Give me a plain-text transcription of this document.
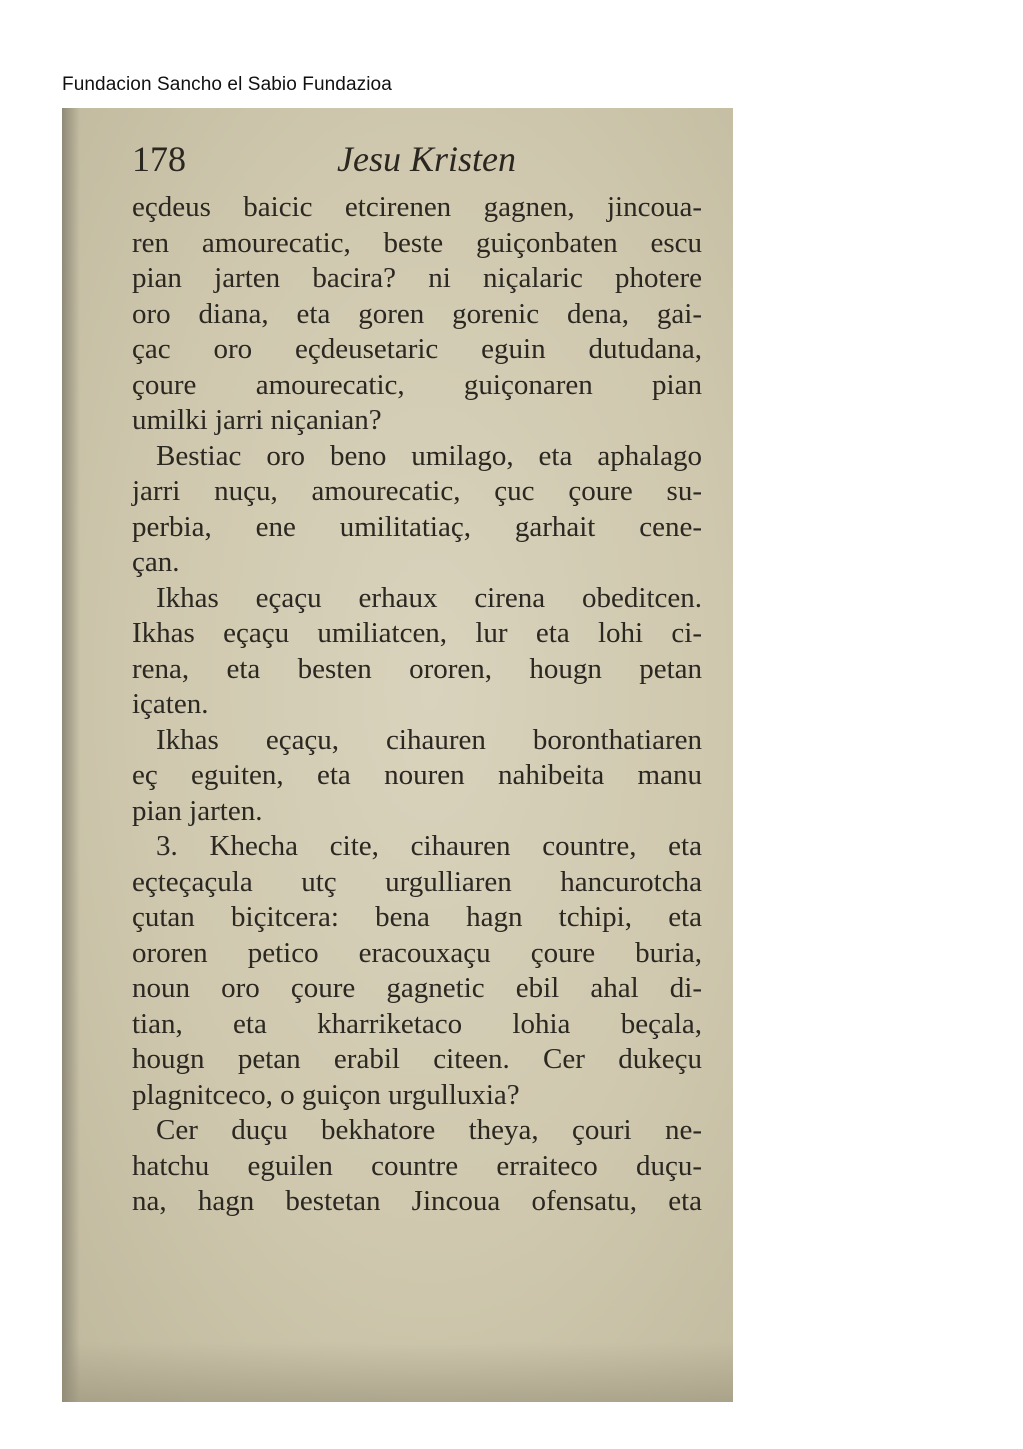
Fundacion Sancho el Sabio Fundazioa
178	Jesu Kristen
eçdeus baicic etcirenen gagnen, jincoua-
ren amourecatic, beste guiçonbaten escu
pian jarten bacira? ni niçalaric photere
oro diana, eta goren gorenic dena, gai-
çac oro eçdeusetaric eguin dutudana,
çoure amourecatic, guiçonaren pian
umilki jarri niçanian?
Bestiac oro beno umilago, eta aphalago
jarri nuçu, amourecatic, çuc çoure su-
perbia, ene umilitatiaç, garhait cene-
çan.
Ikhas eçaçu erhaux cirena obeditcen.
Ikhas eçaçu umiliatcen, lur eta lohi ci-
rena, eta besten ororen, hougn petan
içaten.
Ikhas eçaçu, cihauren boronthatiaren
eç eguiten, eta nouren nahibeita manu
pian jarten.
3. Khecha cite, cihauren countre, eta
eçteçaçula utç urgulliaren hancurotcha
çutan biçitcera: bena hagn tchipi, eta
ororen petico eracouxaçu çoure buria,
noun oro çoure gagnetic ebil ahal di-
tian, eta kharriketaco lohia beçala,
hougn petan erabil citeen. Cer dukeçu
plagnitceco, o guiçon urgulluxia?
Cer duçu bekhatore theya, çouri ne-
hatchu eguilen countre erraiteco duçu-
na, hagn bestetan Jincoua ofensatu, eta
